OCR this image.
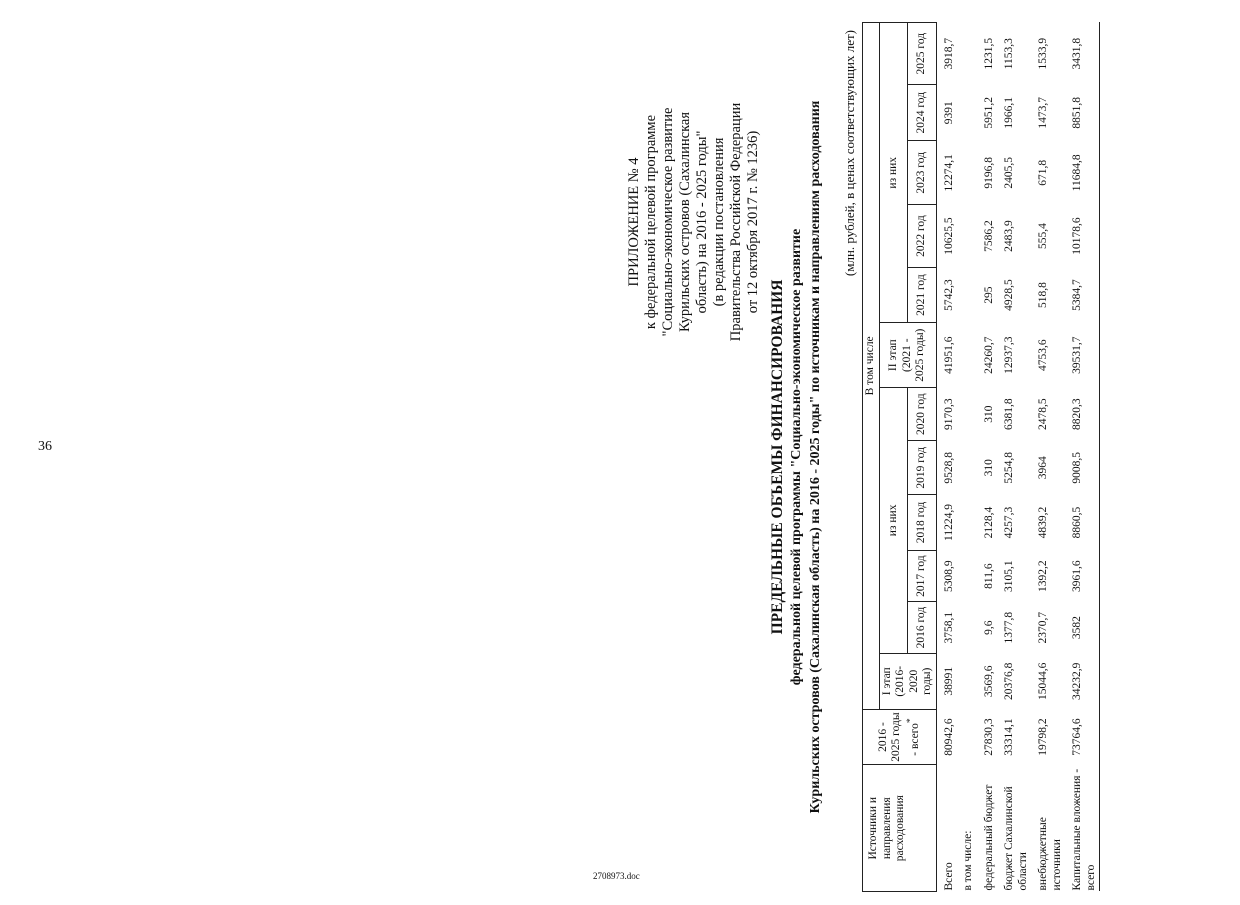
36
2708973.doc
ПРИЛОЖЕНИЕ № 4 к федеральной целевой программе "Социально-экономическое развитие Курильских островов (Сахалинская область) на 2016 - 2025 годы" (в редакции постановления Правительства Российской Федерации от 12 октября 2017 г. № 1236)
ПРЕДЕЛЬНЫЕ ОБЪЕМЫ ФИНАНСИРОВАНИЯ федеральной целевой программы "Социально-экономическое развитие Курильских островов (Сахалинская область) на 2016 - 2025 годы" по источникам и направлениям расходования (млн. рублей, в ценах соответствующих лет)
Источники и направления расходования	2016 - 2025 годы - всего*	В том числе											
		I этап (2016- 2020 годы)	из них					II этап (2021 - 2025 годы)	из них				
			2016 год	2017 год	2018 год	2019 год	2020 год		2021 год	2022 год	2023 год	2024 год	2025 год
Всего	80942,6	38991	3758,1	5308,9	11224,9	9528,8	9170,3	41951,6	5742,3	10625,5	12274,1	9391	3918,7
в том числе:													
федеральный бюджет	27830,3	3569,6	9,6	811,6	2128,4	310	310	24260,7	295	7586,2	9196,8	5951,2	1231,5
бюджет Сахалинской области	33314,1	20376,8	1377,8	3105,1	4257,3	5254,8	6381,8	12937,3	4928,5	2483,9	2405,5	1966,1	1153,3
внебюджетные источники	19798,2	15044,6	2370,7	1392,2	4839,2	3964	2478,5	4753,6	518,8	555,4	671,8	1473,7	1533,9
Капитальные вложения - всего	73764,6	34232,9	3582	3961,6	8860,5	9008,5	8820,3	39531,7	5384,7	10178,6	11684,8	8851,8	3431,8
